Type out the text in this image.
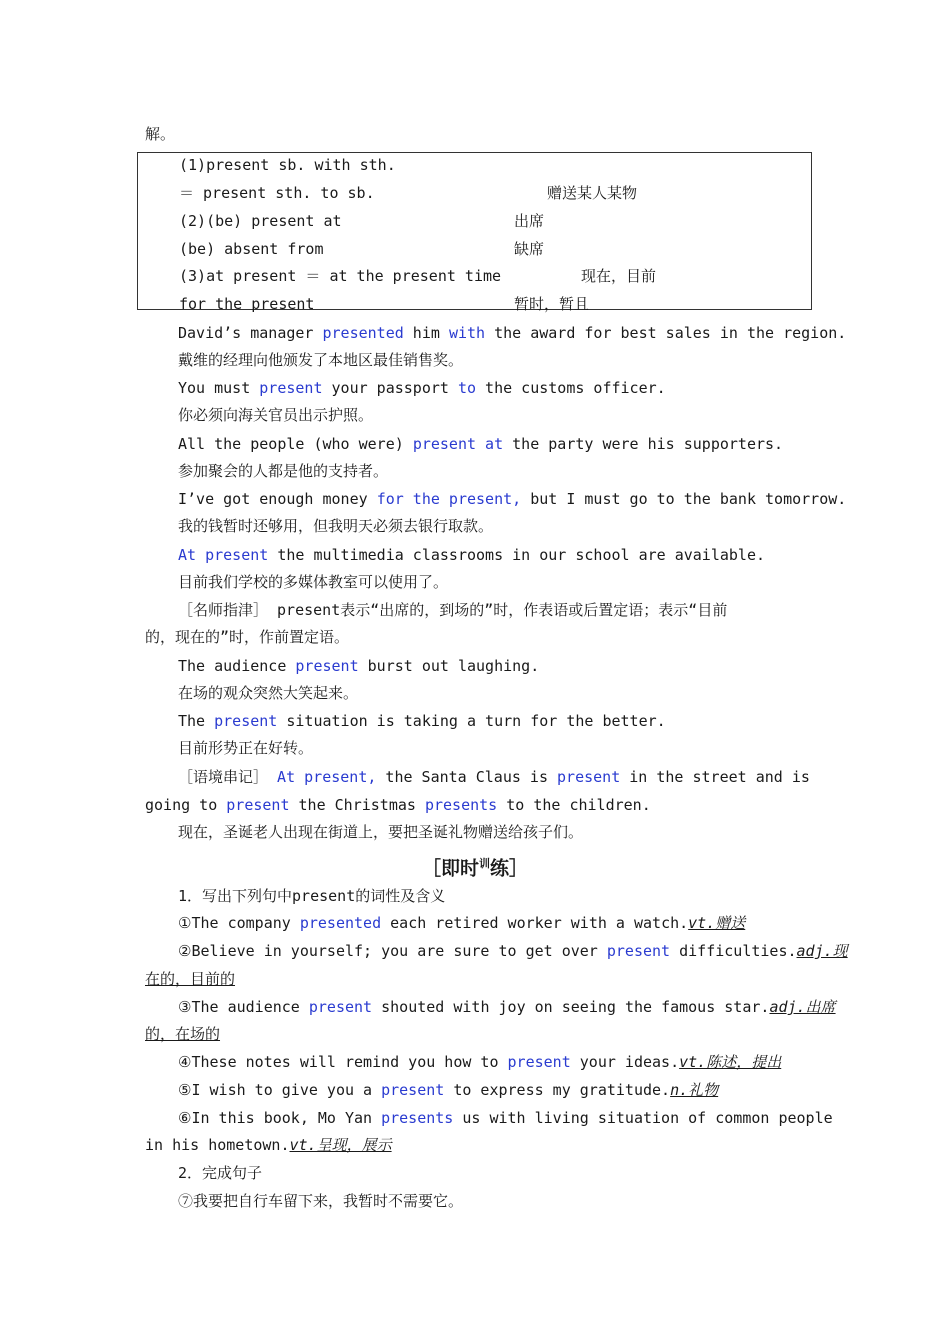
解。
(1)present sb. with sth.
＝ present sth. to sb.	赠送某人某物
(2)(be) present at	出席
(be) absent from	缺席
(3)at present ＝ at the present time	现在，目前
for the present	暂时，暂且
David’s manager presented him with the award for best sales in the region.
戴维的经理向他颁发了本地区最佳销售奖。
You must present your passport to the customs officer.
你必须向海关官员出示护照。
All the people (who were) present at the party were his supporters.
参加聚会的人都是他的支持者。
I’ve got enough money for the present, but I must go to the bank tomorrow.
我的钱暂时还够用，但我明天必须去银行取款。
At present the multimedia classrooms in our school are available.
目前我们学校的多媒体教室可以使用了。
［名师指津］ present表示“出席的，到场的”时，作表语或后置定语；表示“目前
的，现在的”时，作前置定语。
The audience present burst out laughing.
在场的观众突然大笑起来。
The present situation is taking a turn for the better.
目前形势正在好转。
［语境串记］ At present, the Santa Claus is present in the street and is
going to present the Christmas presents to the children.
现在，圣诞老人出现在街道上，要把圣诞礼物赠送给孩子们。
［即时$^训$练］
1．写出下列句中present的词性及含义
①The company presented each retired worker with a watch.vt.赠送
②Believe in yourself; you are sure to get over present difficulties.adj.现
在的，目前的
③The audience present shouted with joy on seeing the famous star.adj.出席
的，在场的
④These notes will remind you how to present your ideas.vt.陈述，提出
⑤I wish to give you a present to express my gratitude.n.礼物
⑥In this book, Mo Yan presents us with living situation of common people
in his hometown.vt.呈现，展示
2．完成句子
⑦我要把自行车留下来，我暂时不需要它。
